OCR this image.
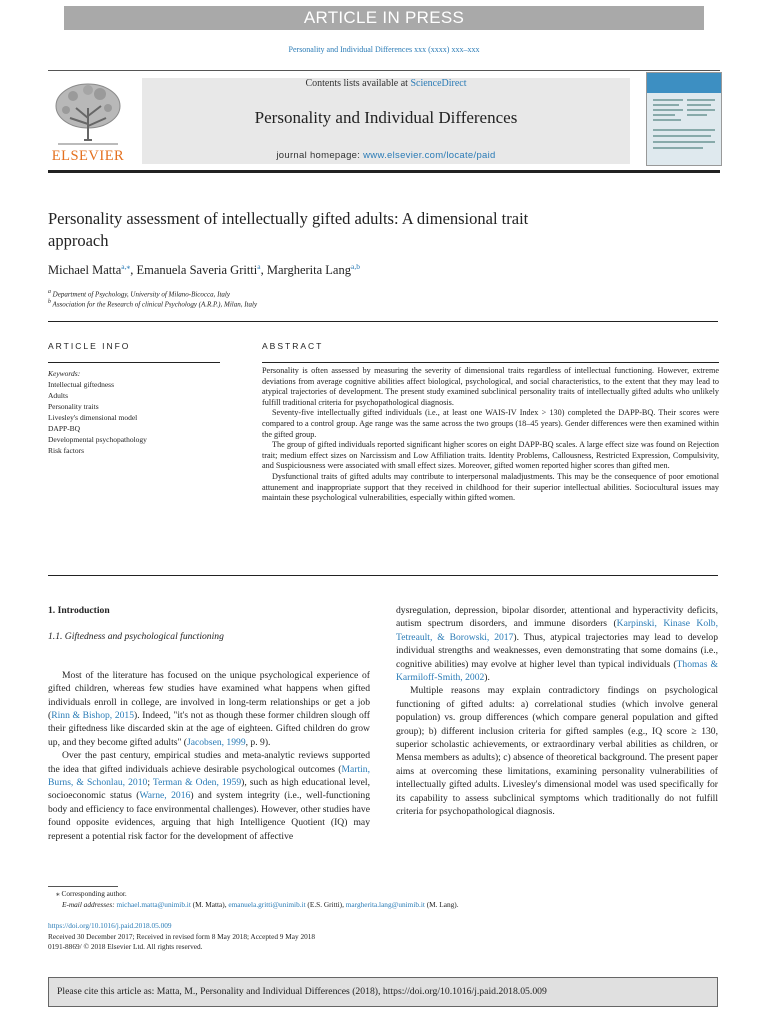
ARTICLE IN PRESS
Personality and Individual Differences xxx (xxxx) xxx–xxx
ELSEVIER
Contents lists available at ScienceDirect
Personality and Individual Differences
journal homepage: www.elsevier.com/locate/paid
Personality assessment of intellectually gifted adults: A dimensional trait
approach
Michael Matta$^{a,⁎}$, Emanuela Saveria Gritti$^a$, Margherita Lang$^{a,b}$
$^a$ Department of Psychology, University of Milano-Bicocca, Italy
$^b$ Association for the Research of clinical Psychology (A.R.P.), Milan, Italy
ARTICLE INFO
Keywords:
Intellectual giftedness
Adults
Personality traits
Livesley's dimensional model
DAPP-BQ
Developmental psychopathology
Risk factors
ABSTRACT

Personality is often assessed by measuring the severity of dimensional traits regardless of intellectual functioning. However, extreme deviations from average cognitive abilities affect biological, psychological, and social characteristics, to the extent that they may lead to atypical trajectories of development. The present study examined subclinical personality traits of intellectually gifted adults who unlikely fulfill traditional criteria for psychopathological diagnosis.

Seventy-five intellectually gifted individuals (i.e., at least one WAIS-IV Index > 130) completed the DAPP-BQ. Their scores were compared to a control group. Age range was the same across the two groups (18–45 years). Gender differences were then examined within the gifted group.

The group of gifted individuals reported significant higher scores on eight DAPP-BQ scales. A large effect size was found on Rejection trait; medium effect sizes on Narcissism and Low Affiliation traits. Identity Problems, Callousness, Restricted Expression, Compulsivity, and Suspiciousness were associated with small effect sizes. Moreover, gifted women reported higher scores than gifted men.

Dysfunctional traits of gifted adults may contribute to interpersonal maladjustments. This may be the consequence of poor emotional attunement and inappropriate support that they received in childhood for their superior intellectual abilities. Sociocultural issues may maintain these psychological vulnerabilities, especially within gifted women.

1. Introduction

1.1. Giftedness and psychological functioning

Most of the literature has focused on the unique psychological experience of gifted children, whereas few studies have examined what happens when gifted individuals enroll in college, are involved in long-term relationships or get a job (Rinn & Bishop, 2015). Indeed, "it's not as though these former children slough off their giftedness like discarded skin at the age of eighteen. Gifted children do grow up, and they become gifted adults" (Jacobsen, 1999, p. 9).

Over the past century, empirical studies and meta-analytic reviews supported the idea that gifted individuals achieve desirable psychological outcomes (Martin, Burns, & Schonlau, 2010; Terman & Oden, 1959), such as high educational level, socioeconomic status (Warne, 2016) and system integrity (i.e., well-functioning body and efficiency to face environmental challenges). However, other studies have found opposite evidences, arguing that high Intelligence Quotient (IQ) may represent a potential risk factor for the development of affective

dysregulation, depression, bipolar disorder, attentional and hyperactivity deficits, autism spectrum disorders, and immune disorders (Karpinski, Kinase Kolb, Tetreault, & Borowski, 2017). Thus, atypical trajectories may lead to develop individual strengths and weaknesses, even demonstrating that some domains (i.e., cognitive abilities) may evolve at higher level than typical individuals (Thomas & Karmiloff-Smith, 2002).

Multiple reasons may explain contradictory findings on psychological functioning of gifted adults: a) correlational studies (which involve general population) vs. group differences (which compare general population and gifted group); b) different inclusion criteria for gifted samples (e.g., IQ score ≥ 130, superior scholastic achievements, or extraordinary verbal abilities as children, or Mensa members as adults); c) absence of theoretical background. The present paper aims at overcoming these limitations, examining personality vulnerabilities of intellectually gifted adults. Livesley's dimensional model was used specifically for its capability to assess subclinical symptoms which traditionally do not fulfill criteria for psychopathological diagnosis.

⁎ Corresponding author.
E-mail addresses: michael.matta@unimib.it (M. Matta), emanuela.gritti@unimib.it (E.S. Gritti), margherita.lang@unimib.it (M. Lang).
https://doi.org/10.1016/j.paid.2018.05.009
Received 30 December 2017; Received in revised form 8 May 2018; Accepted 9 May 2018
0191-8869/ © 2018 Elsevier Ltd. All rights reserved.
Please cite this article as: Matta, M., Personality and Individual Differences (2018), https://doi.org/10.1016/j.paid.2018.05.009
